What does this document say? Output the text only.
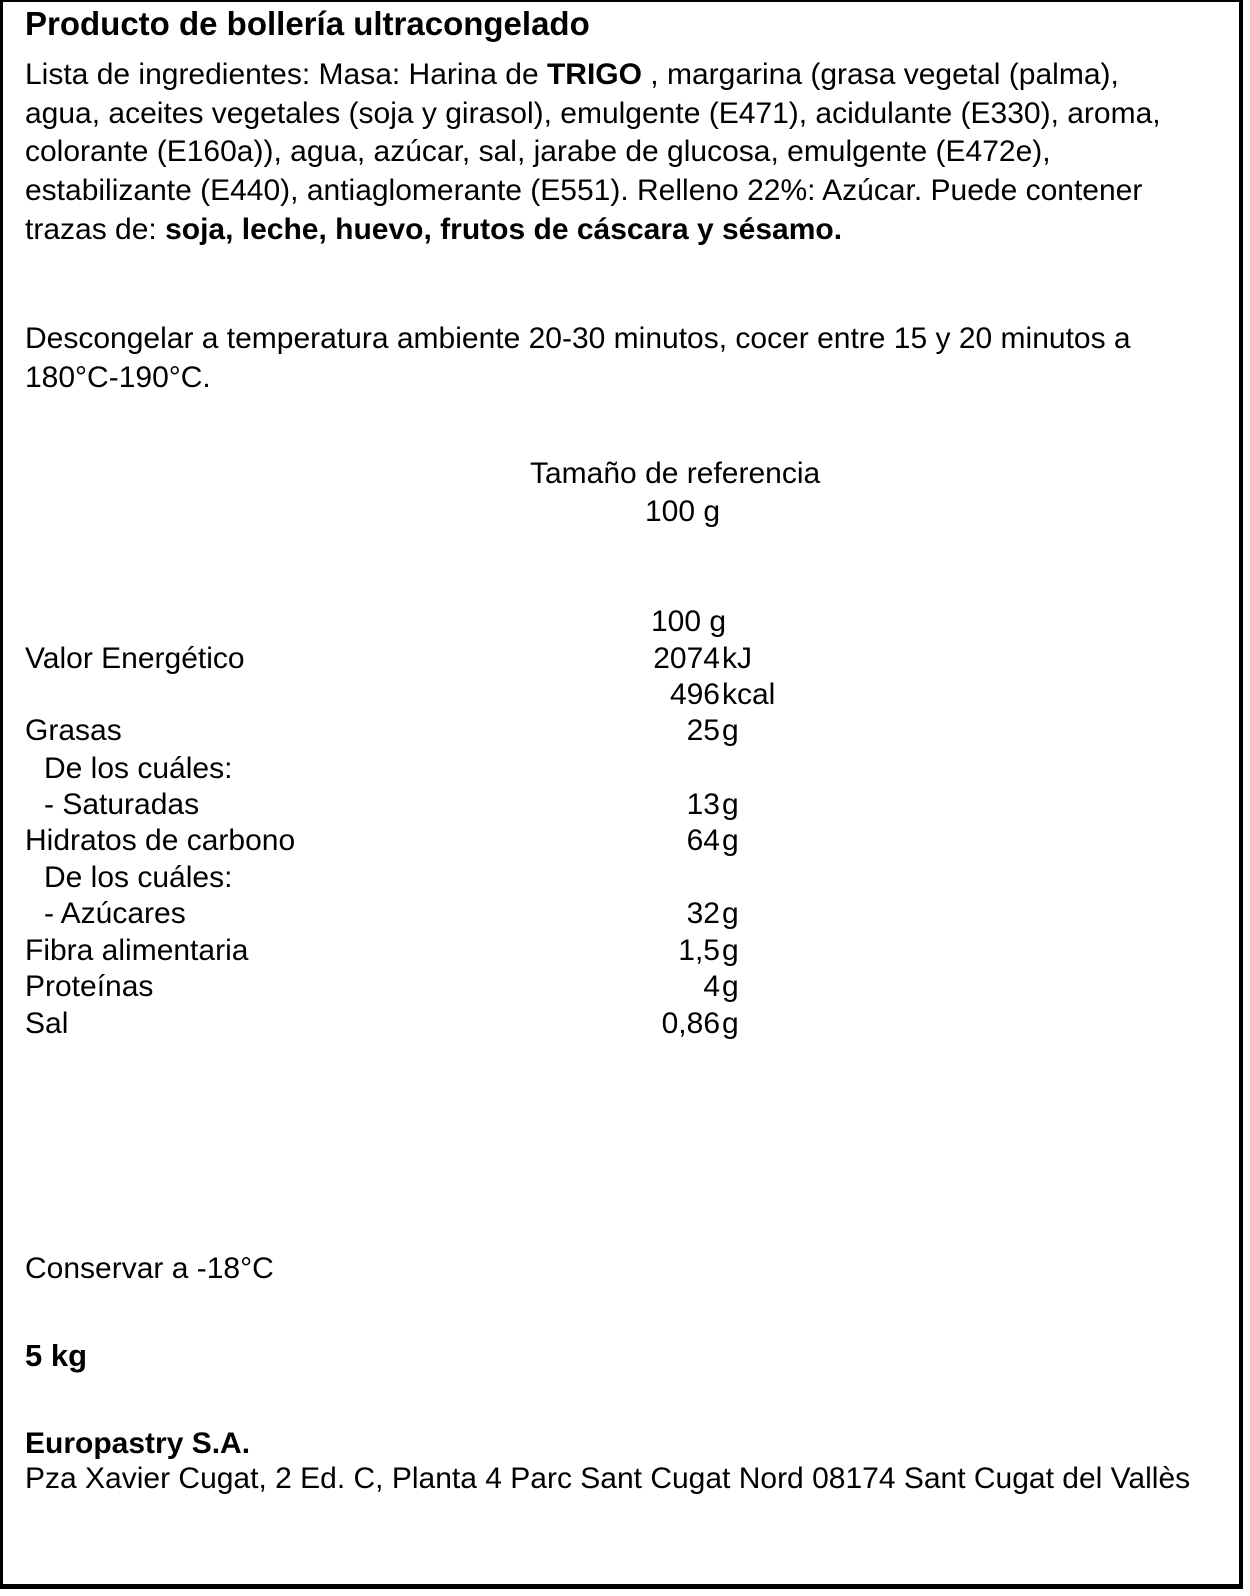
Producto de bollería ultracongelado
Lista de ingredientes: Masa: Harina de TRIGO , margarina (grasa vegetal (palma), agua, aceites vegetales (soja y girasol), emulgente (E471), acidulante (E330), aroma, colorante (E160a)), agua, azúcar, sal, jarabe de glucosa, emulgente (E472e), estabilizante (E440), antiaglomerante (E551). Relleno 22%: Azúcar. Puede contener trazas de: soja, leche, huevo, frutos de cáscara y sésamo.
Descongelar a temperatura ambiente 20-30 minutos, cocer entre 15 y 20 minutos a 180°C-190°C.
Tamaño de referencia
100 g
100 g
Valor Energético	2074 kJ
496 kcal
Grasas	25 g
De los cuáles:
- Saturadas	13 g
Hidratos de carbono	64 g
De los cuáles:
- Azúcares	32 g
Fibra alimentaria	1,5 g
Proteínas	4 g
Sal	0,86 g
Conservar a -18°C
5 kg
Europastry S.A.
Pza Xavier Cugat, 2 Ed. C, Planta 4 Parc Sant Cugat Nord 08174 Sant Cugat del Vallès
